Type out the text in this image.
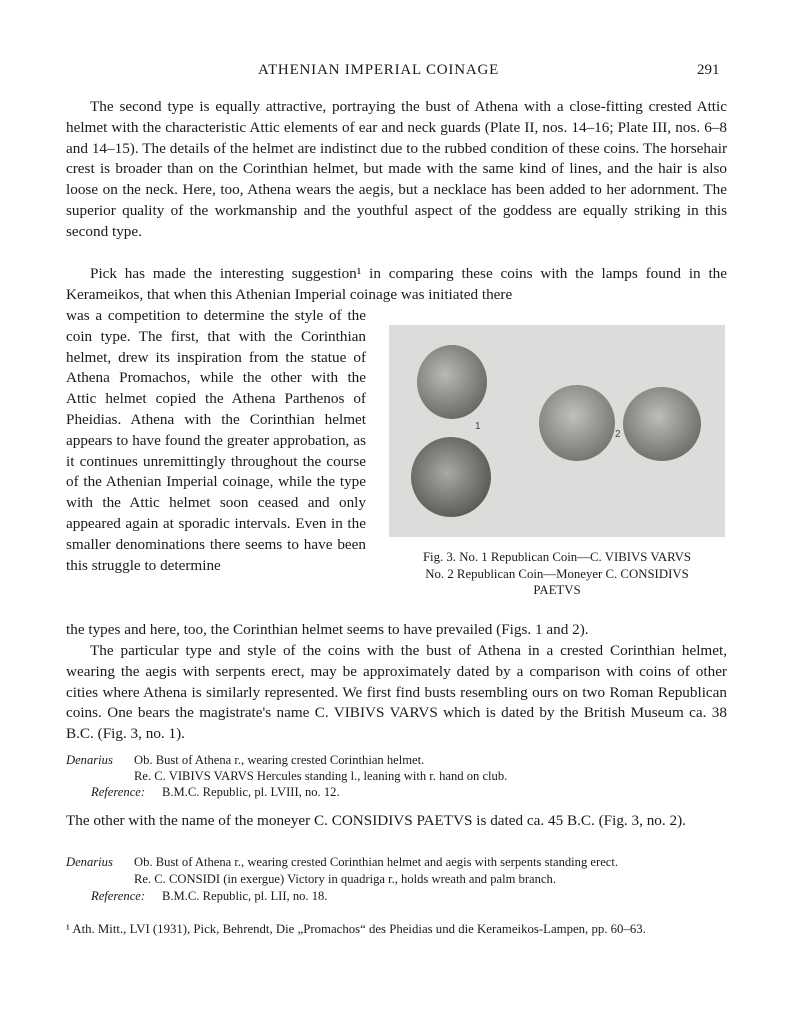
ATHENIAN IMPERIAL COINAGE	291

The second type is equally attractive, portraying the bust of Athena with a close-fitting crested Attic helmet with the characteristic Attic elements of ear and neck guards (Plate II, nos. 14–16; Plate III, nos. 6–8 and 14–15). The details of the helmet are indistinct due to the rubbed condition of these coins. The horsehair crest is broader than on the Corinthian helmet, but made with the same kind of lines, and the hair is also loose on the neck. Here, too, Athena wears the aegis, but a necklace has been added to her adornment. The superior quality of the workmanship and the youthful aspect of the goddess are equally striking in this second type.

Pick has made the interesting suggestion¹ in comparing these coins with the lamps found in the Kerameikos, that when this Athenian Imperial coinage was initiated there

was a competition to determine the style of the coin type. The first, that with the Corinthian helmet, drew its inspiration from the statue of Athena Promachos, while the other with the Attic helmet copied the Athena Parthenos of Pheidias. Athena with the Corinthian helmet appears to have found the greater approbation, as it continues unremittingly throughout the course of the Athenian Imperial coinage, while the type with the Attic helmet soon ceased and only appeared again at sporadic intervals. Even in the smaller denominations there seems to have been this struggle to determine

1
2
Fig. 3. No. 1 Republican Coin—C. VIBIVS VARVS
No. 2 Republican Coin—Moneyer C. CONSIDIVS
PAETVS

the types and here, too, the Corinthian helmet seems to have prevailed (Figs. 1 and 2).

The particular type and style of the coins with the bust of Athena in a crested Corinthian helmet, wearing the aegis with serpents erect, may be approximately dated by a comparison with coins of other cities where Athena is similarly represented. We first find busts resembling ours on two Roman Republican coins. One bears the magistrate's name C. VIBIVS VARVS which is dated by the British Museum ca. 38 B.C. (Fig. 3, no. 1).

Denarius Ob. Bust of Athena r., wearing crested Corinthian helmet.
Re. C. VIBIVS VARVS Hercules standing l., leaning with r. hand on club.
Reference: B.M.C. Republic, pl. LVIII, no. 12.

The other with the name of the moneyer C. CONSIDIVS PAETVS is dated ca. 45 B.C. (Fig. 3, no. 2).

Denarius Ob. Bust of Athena r., wearing crested Corinthian helmet and aegis with serpents standing erect.
Re. C. CONSIDI (in exergue) Victory in quadriga r., holds wreath and palm branch.
Reference: B.M.C. Republic, pl. LII, no. 18.

¹ Ath. Mitt., LVI (1931), Pick, Behrendt, Die „Promachos“ des Pheidias und die Kerameikos-Lampen, pp. 60–63.
